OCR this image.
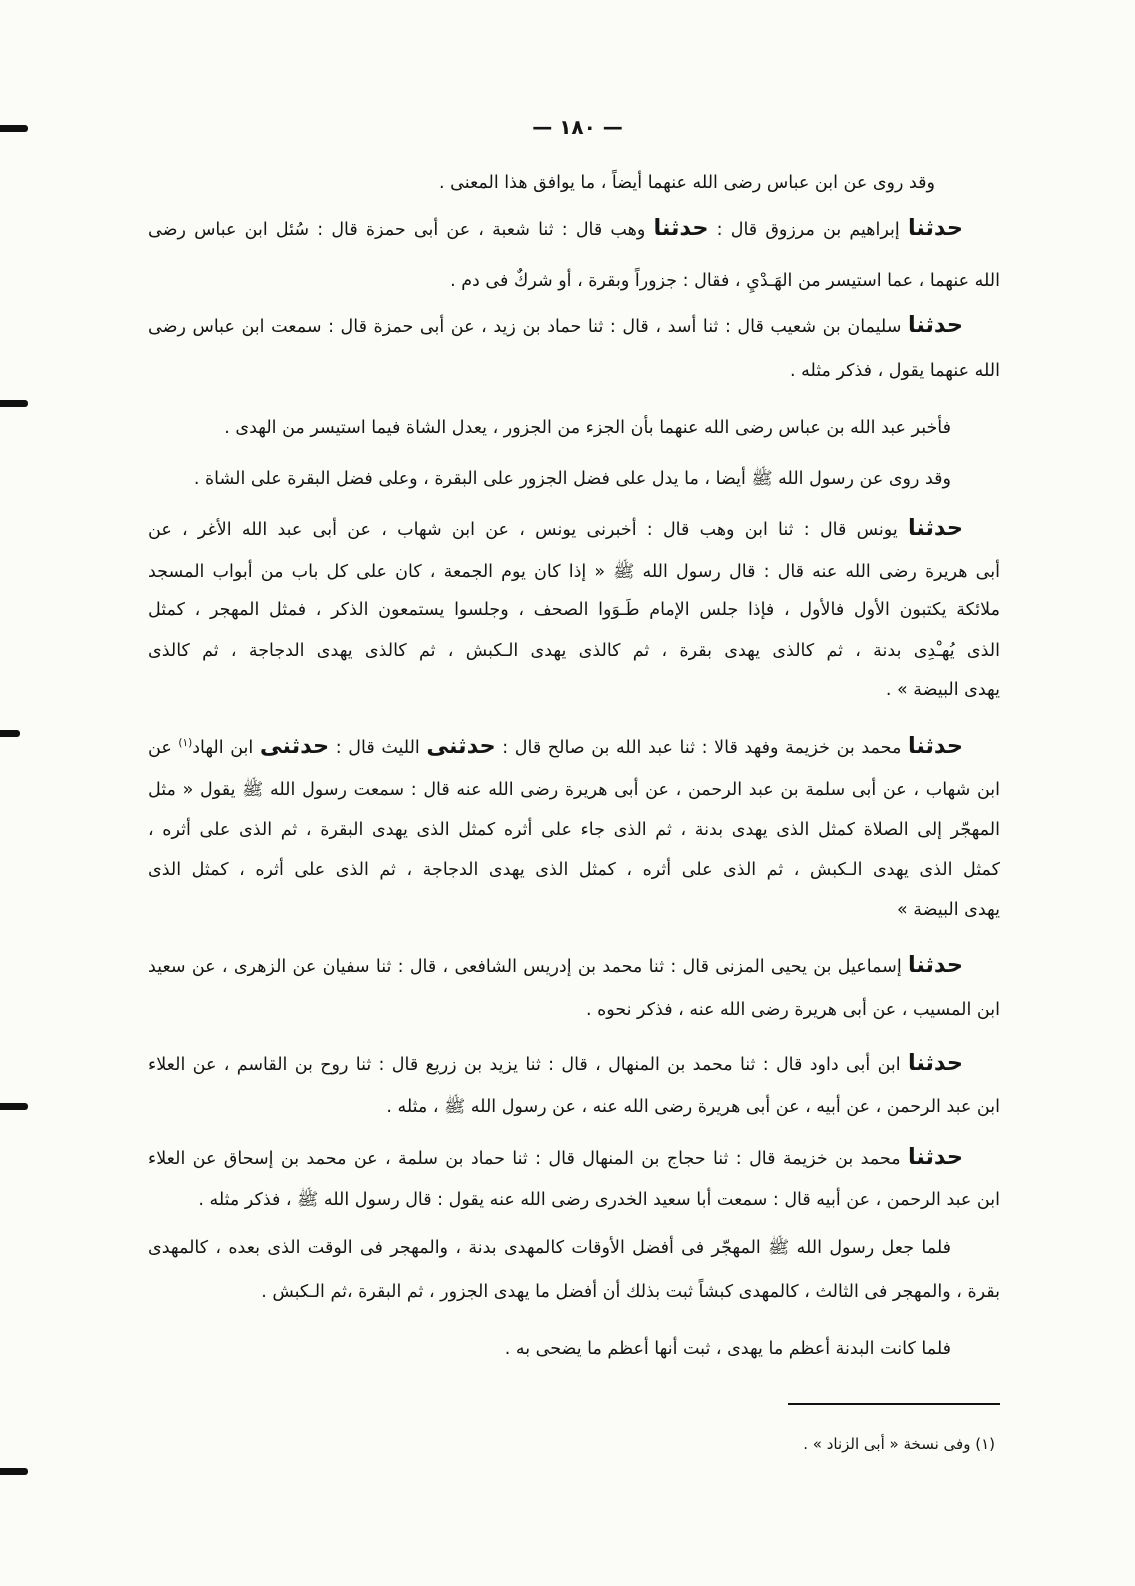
— ١٨٠ —
وقد روى عن ابن عباس رضى الله عنهما أيضاً ، ما يوافق هذا المعنى .
حدثنا إبراهيم بن مرزوق قال : حدثنا وهب قال : ثنا شعبة ، عن أبى حمزة قال : سُئل ابن عباس رضى
الله عنهما ، عما استيسر من الهَـدْيِ ، فقال : جزوراً وبقرة ، أو شركٌ فى دم .
حدثنا سليمان بن شعيب قال : ثنا أسد ، قال : ثنا حماد بن زيد ، عن أبى حمزة قال : سمعت ابن عباس رضى
الله عنهما يقول ، فذكر مثله .
فأخبر عبد الله بن عباس رضى الله عنهما بأن الجزء من الجزور ، يعدل الشاة فيما استيسر من الهدى .
وقد روى عن رسول الله ﷺ أيضا ، ما يدل على فضل الجزور على البقرة ، وعلى فضل البقرة على الشاة .
حدثنا يونس قال : ثنا ابن وهب قال : أخبرنى يونس ، عن ابن شهاب ، عن أبى عبد الله الأغر ، عن
أبى هريرة رضى الله عنه قال : قال رسول الله ﷺ « إذا كان يوم الجمعة ، كان على كل باب من أبواب المسجد
ملائكة يكتبون الأول فالأول ، فإذا جلس الإمام طَـوَوا الصحف ، وجلسوا يستمعون الذكر ، فمثل المهجر ، كمثل
الذى يُهـْدِى بدنة ، ثم كالذى يهدى بقرة ، ثم كالذى يهدى الـكبش ، ثم كالذى يهدى الدجاجة ، ثم كالذى
يهدى البيضة » .
حدثنا محمد بن خزيمة وفهد قالا : ثنا عبد الله بن صالح قال : حدثنى الليث قال : حدثنى ابن الهاد$^{(١)}$ عن
ابن شهاب ، عن أبى سلمة بن عبد الرحمن ، عن أبى هريرة رضى الله عنه قال : سمعت رسول الله ﷺ يقول « مثل
المهجّر إلى الصلاة كمثل الذى يهدى بدنة ، ثم الذى جاء على أثره كمثل الذى يهدى البقرة ، ثم الذى على أثره ،
كمثل الذى يهدى الـكبش ، ثم الذى على أثره ، كمثل الذى يهدى الدجاجة ، ثم الذى على أثره ، كمثل الذى
يهدى البيضة »
حدثنا إسماعيل بن يحيى المزنى قال : ثنا محمد بن إدريس الشافعى ، قال : ثنا سفيان عن الزهرى ، عن سعيد
ابن المسيب ، عن أبى هريرة رضى الله عنه ، فذكر نحوه .
حدثنا ابن أبى داود قال : ثنا محمد بن المنهال ، قال : ثنا يزيد بن زريع قال : ثنا روح بن القاسم ، عن العلاء
ابن عبد الرحمن ، عن أبيه ، عن أبى هريرة رضى الله عنه ، عن رسول الله ﷺ ، مثله .
حدثنا محمد بن خزيمة قال : ثنا حجاج بن المنهال قال : ثنا حماد بن سلمة ، عن محمد بن إسحاق عن العلاء
ابن عبد الرحمن ، عن أبيه قال : سمعت أبا سعيد الخدرى رضى الله عنه يقول : قال رسول الله ﷺ ، فذكر مثله .
فلما جعل رسول الله ﷺ المهجّر فى أفضل الأوقات كالمهدى بدنة ، والمهجر فى الوقت الذى بعده ، كالمهدى
بقرة ، والمهجر فى الثالث ، كالمهدى كبشاً ثبت بذلك أن أفضل ما يهدى الجزور ، ثم البقرة ،ثم الـكبش .
فلما كانت البدنة أعظم ما يهدى ، ثبت أنها أعظم ما يضحى به .
(١) وفى نسخة « أبى الزناد » .
